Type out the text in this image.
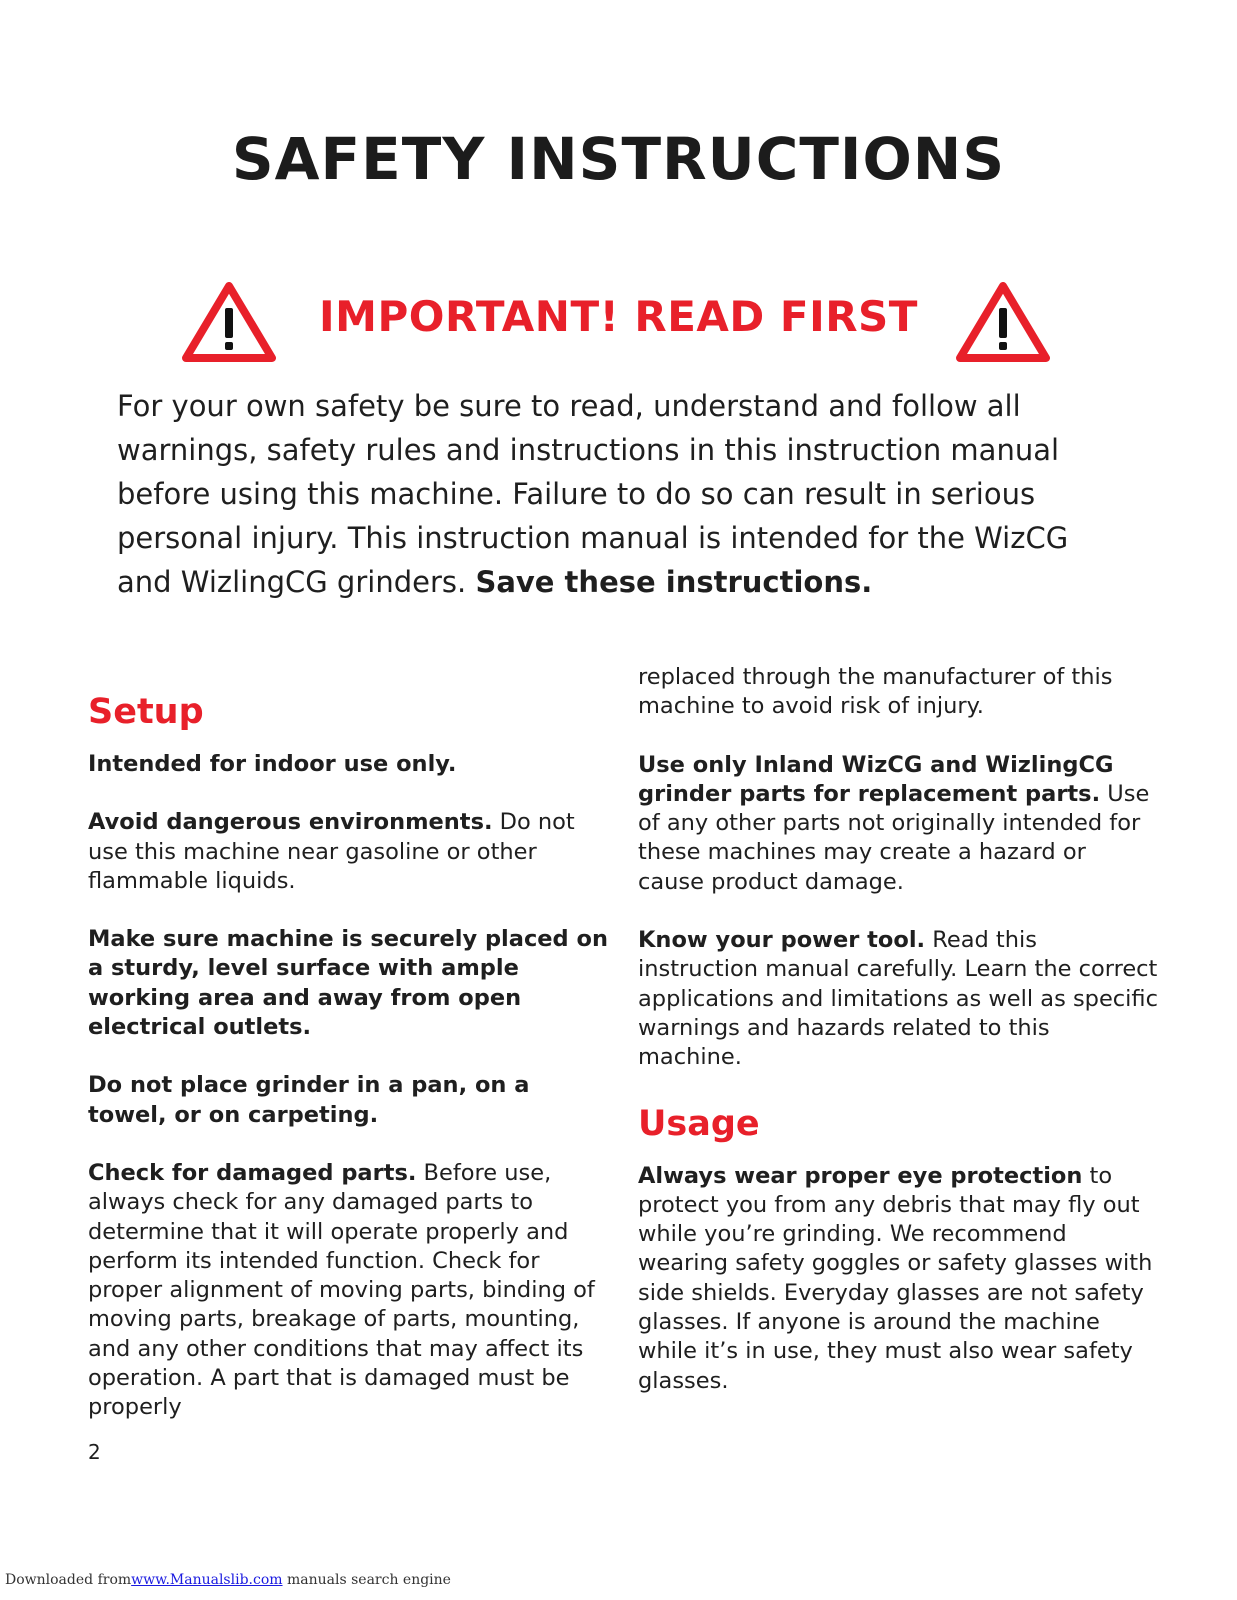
SAFETY INSTRUCTIONS
IMPORTANT! READ FIRST
For your own safety be sure to read, understand and follow all warnings, safety rules and instructions in this instruction manual before using this machine. Failure to do so can result in serious personal injury. This instruction manual is intended for the WizCG and WizlingCG grinders. Save these instructions.
Setup
Intended for indoor use only.
Avoid dangerous environments. Do not use this machine near gasoline or other flammable liquids.
Make sure machine is securely placed on a sturdy, level surface with ample working area and away from open electrical outlets.
Do not place grinder in a pan, on a towel, or on carpeting.
Check for damaged parts. Before use, always check for any damaged parts to determine that it will operate properly and perform its intended function. Check for proper alignment of moving parts, binding of moving parts, breakage of parts, mounting, and any other conditions that may affect its operation. A part that is damaged must be properly
replaced through the manufacturer of this machine to avoid risk of injury.
Use only Inland WizCG and WizlingCG grinder parts for replacement parts. Use of any other parts not originally intended for these machines may create a hazard or cause product damage.
Know your power tool. Read this instruction manual carefully. Learn the correct applications and limitations as well as specific warnings and hazards related to this machine.
Usage
Always wear proper eye protection to protect you from any debris that may fly out while you’re grinding. We recommend wearing safety goggles or safety glasses with side shields. Everyday glasses are not safety glasses. If anyone is around the machine while it’s in use, they must also wear safety glasses.
2
Downloaded fromwww.Manualslib.com manuals search engine
